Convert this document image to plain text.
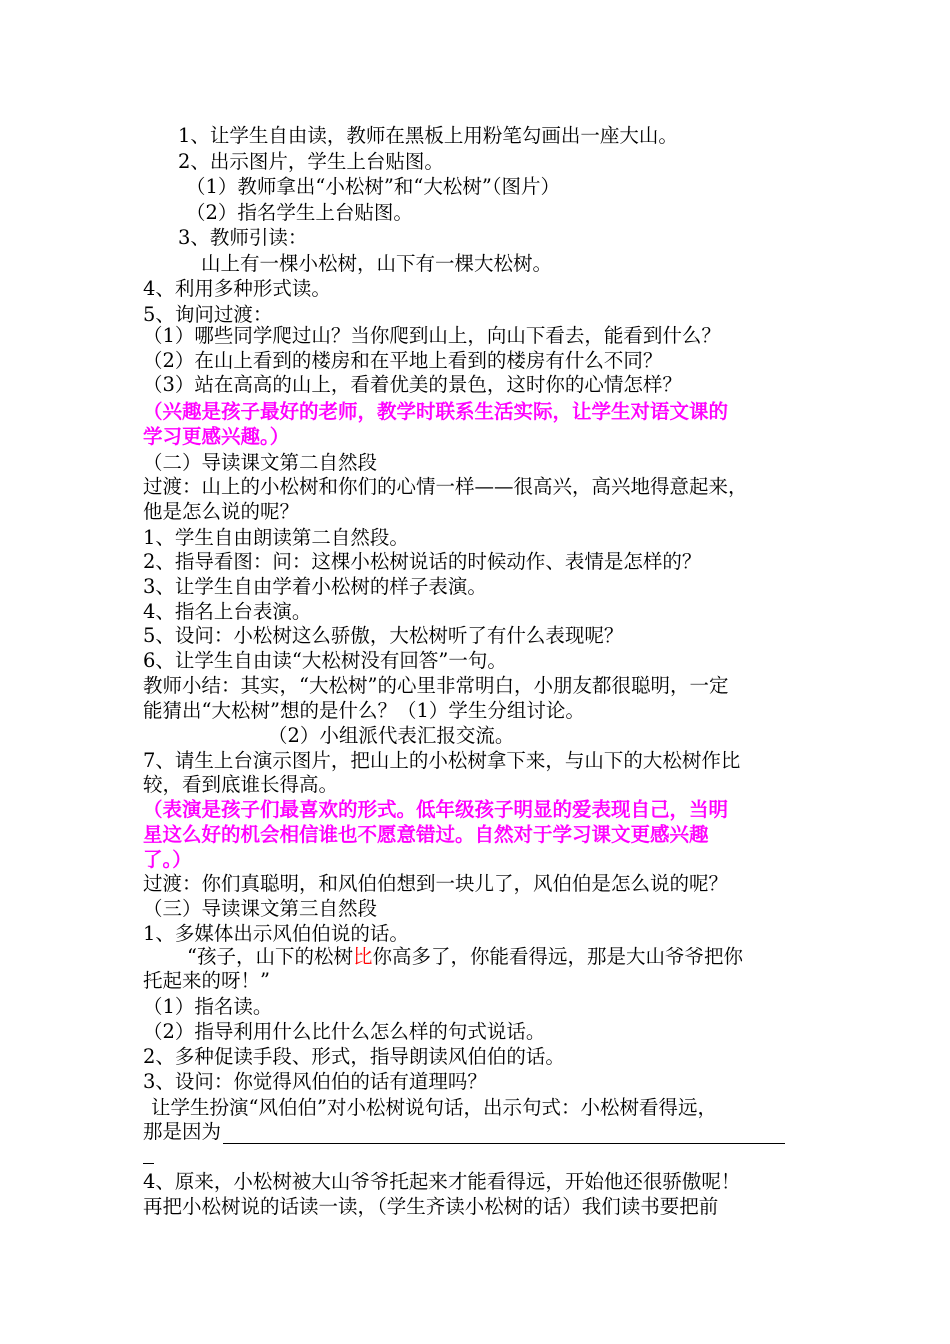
1、让学生自由读，教师在黑板上用粉笔勾画出一座大山。
2、出示图片，学生上台贴图。
（1）教师拿出“小松树”和“大松树”（图片）
（2）指名学生上台贴图。
3、教师引读：
山上有一棵小松树，山下有一棵大松树。
4、利用多种形式读。
5、询问过渡：
（1）哪些同学爬过山？当你爬到山上，向山下看去，能看到什么？
（2）在山上看到的楼房和在平地上看到的楼房有什么不同？
（3）站在高高的山上，看着优美的景色，这时你的心情怎样？
（兴趣是孩子最好的老师，教学时联系生活实际，让学生对语文课的
学习更感兴趣。）
（二）导读课文第二自然段
过渡：山上的小松树和你们的心情一样——很高兴，高兴地得意起来，
他是怎么说的呢？
1、学生自由朗读第二自然段。
2、指导看图：问：这棵小松树说话的时候动作、表情是怎样的？
3、让学生自由学着小松树的样子表演。
4、指名上台表演。
5、设问：小松树这么骄傲，大松树听了有什么表现呢？
6、让学生自由读“大松树没有回答”一句。
教师小结：其实，“大松树”的心里非常明白，小朋友都很聪明，一定
能猜出“大松树”想的是什么？（1）学生分组讨论。
（2）小组派代表汇报交流。
7、请生上台演示图片，把山上的小松树拿下来，与山下的大松树作比
较，看到底谁长得高。
（表演是孩子们最喜欢的形式。低年级孩子明显的爱表现自己，当明
星这么好的机会相信谁也不愿意错过。自然对于学习课文更感兴趣
了。）
过渡：你们真聪明，和风伯伯想到一块儿了，风伯伯是怎么说的呢？
（三）导读课文第三自然段
1、多媒体出示风伯伯说的话。
“孩子，山下的松树比你高多了，你能看得远，那是大山爷爷把你
托起来的呀！”
（1）指名读。
（2）指导利用什么比什么怎么样的句式说话。
2、多种促读手段、形式，指导朗读风伯伯的话。
3、设问：你觉得风伯伯的话有道理吗？
让学生扮演“风伯伯”对小松树说句话，出示句式：小松树看得远，
那是因为
4、原来，小松树被大山爷爷托起来才能看得远，开始他还很骄傲呢！
再把小松树说的话读一读，（学生齐读小松树的话）我们读书要把前
